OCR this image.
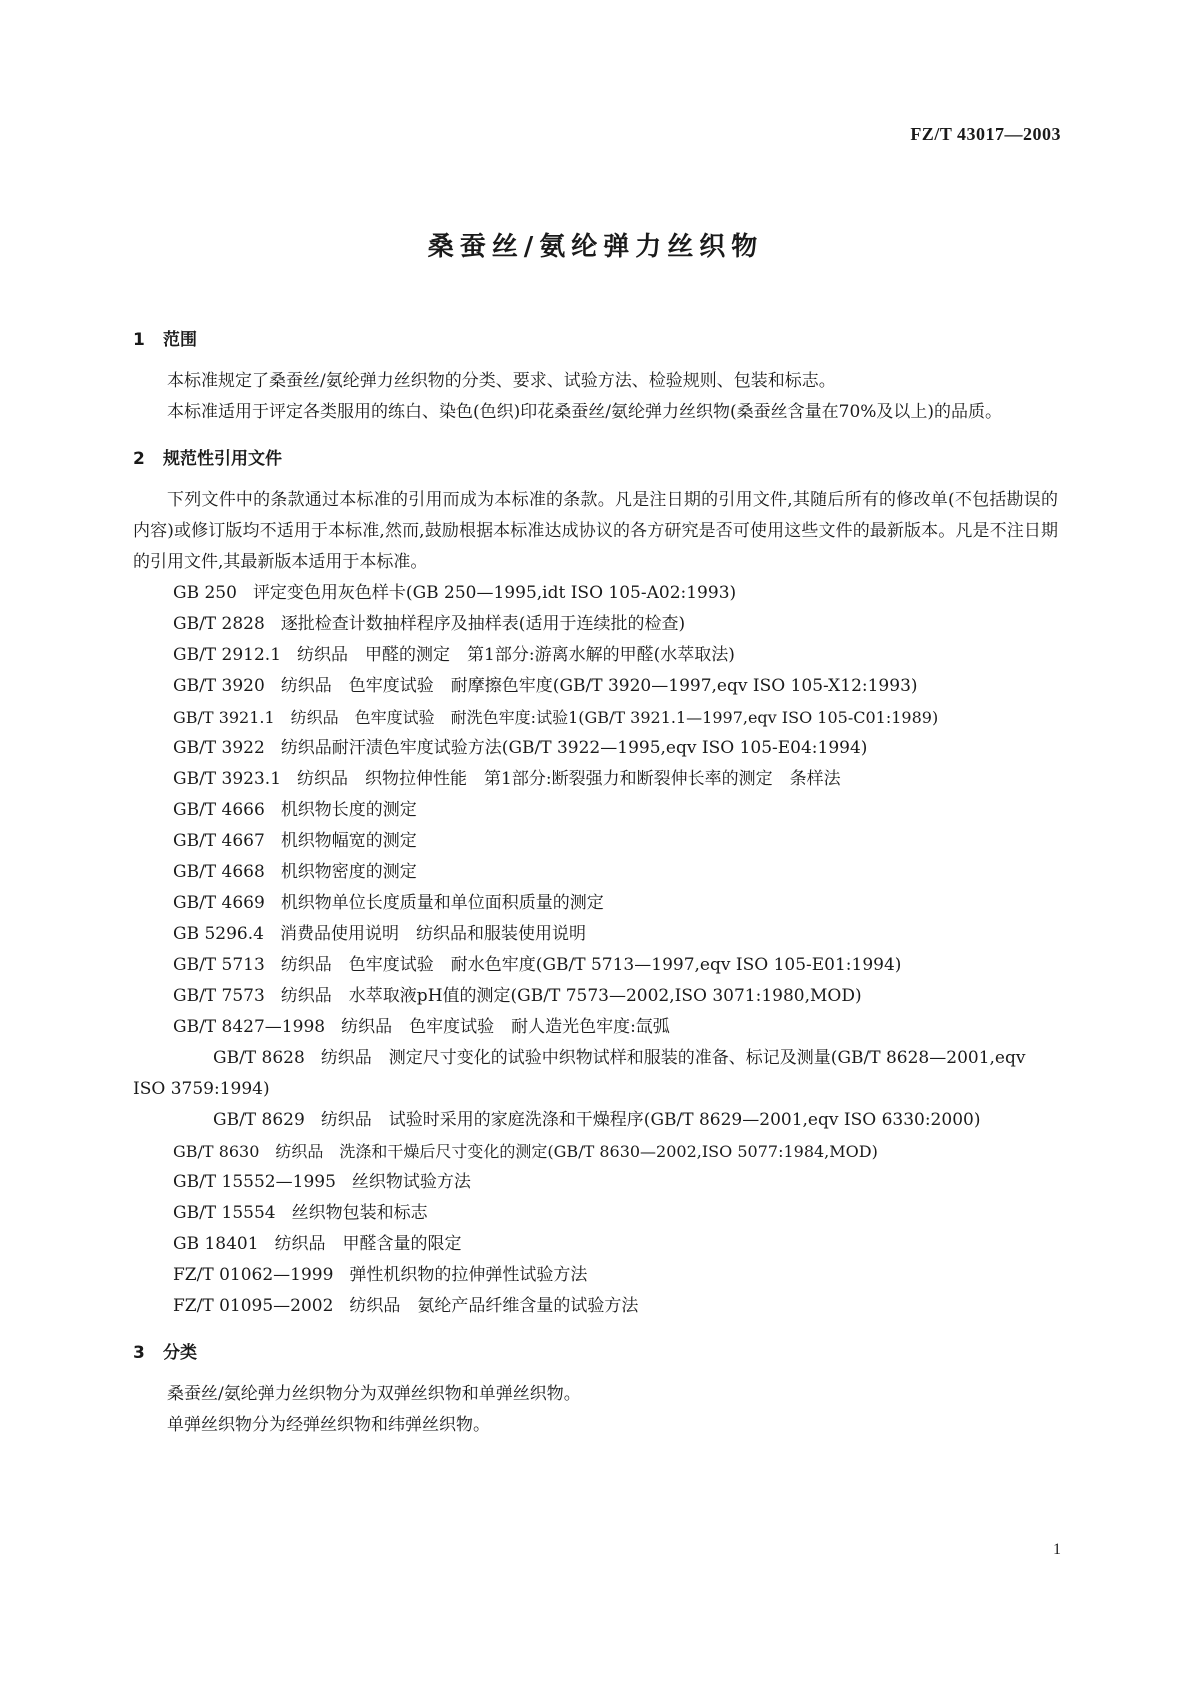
FZ/T 43017—2003
桑蚕丝/氨纶弹力丝织物
1 范围

本标准规定了桑蚕丝/氨纶弹力丝织物的分类、要求、试验方法、检验规则、包装和标志。

本标准适用于评定各类服用的练白、染色(色织)印花桑蚕丝/氨纶弹力丝织物(桑蚕丝含量在70%及以上)的品质。

2 规范性引用文件

下列文件中的条款通过本标准的引用而成为本标准的条款。凡是注日期的引用文件,其随后所有的修改单(不包括勘误的内容)或修订版均不适用于本标准,然而,鼓励根据本标准达成协议的各方研究是否可使用这些文件的最新版本。凡是不注日期的引用文件,其最新版本适用于本标准。

GB 250 评定变色用灰色样卡(GB 250—1995,idt ISO 105-A02:1993)

GB/T 2828 逐批检查计数抽样程序及抽样表(适用于连续批的检查)

GB/T 2912.1 纺织品　甲醛的测定　第1部分:游离水解的甲醛(水萃取法)

GB/T 3920 纺织品　色牢度试验　耐摩擦色牢度(GB/T 3920—1997,eqv ISO 105-X12:1993)

GB/T 3921.1 纺织品　色牢度试验　耐洗色牢度:试验1(GB/T 3921.1—1997,eqv ISO 105-C01:1989)

GB/T 3922 纺织品耐汗渍色牢度试验方法(GB/T 3922—1995,eqv ISO 105-E04:1994)

GB/T 3923.1 纺织品　织物拉伸性能　第1部分:断裂强力和断裂伸长率的测定　条样法

GB/T 4666 机织物长度的测定

GB/T 4667 机织物幅宽的测定

GB/T 4668 机织物密度的测定

GB/T 4669 机织物单位长度质量和单位面积质量的测定

GB 5296.4 消费品使用说明　纺织品和服装使用说明

GB/T 5713 纺织品　色牢度试验　耐水色牢度(GB/T 5713—1997,eqv ISO 105-E01:1994)

GB/T 7573 纺织品　水萃取液pH值的测定(GB/T 7573—2002,ISO 3071:1980,MOD)

GB/T 8427—1998 纺织品　色牢度试验　耐人造光色牢度:氙弧

GB/T 8628 纺织品　测定尺寸变化的试验中织物试样和服装的准备、标记及测量(GB/T 8628—2001,eqv ISO 3759:1994)

GB/T 8629 纺织品　试验时采用的家庭洗涤和干燥程序(GB/T 8629—2001,eqv ISO 6330:2000)

GB/T 8630 纺织品　洗涤和干燥后尺寸变化的测定(GB/T 8630—2002,ISO 5077:1984,MOD)

GB/T 15552—1995 丝织物试验方法

GB/T 15554 丝织物包装和标志

GB 18401 纺织品　甲醛含量的限定

FZ/T 01062—1999 弹性机织物的拉伸弹性试验方法

FZ/T 01095—2002 纺织品　氨纶产品纤维含量的试验方法

3 分类

桑蚕丝/氨纶弹力丝织物分为双弹丝织物和单弹丝织物。

单弹丝织物分为经弹丝织物和纬弹丝织物。

1
